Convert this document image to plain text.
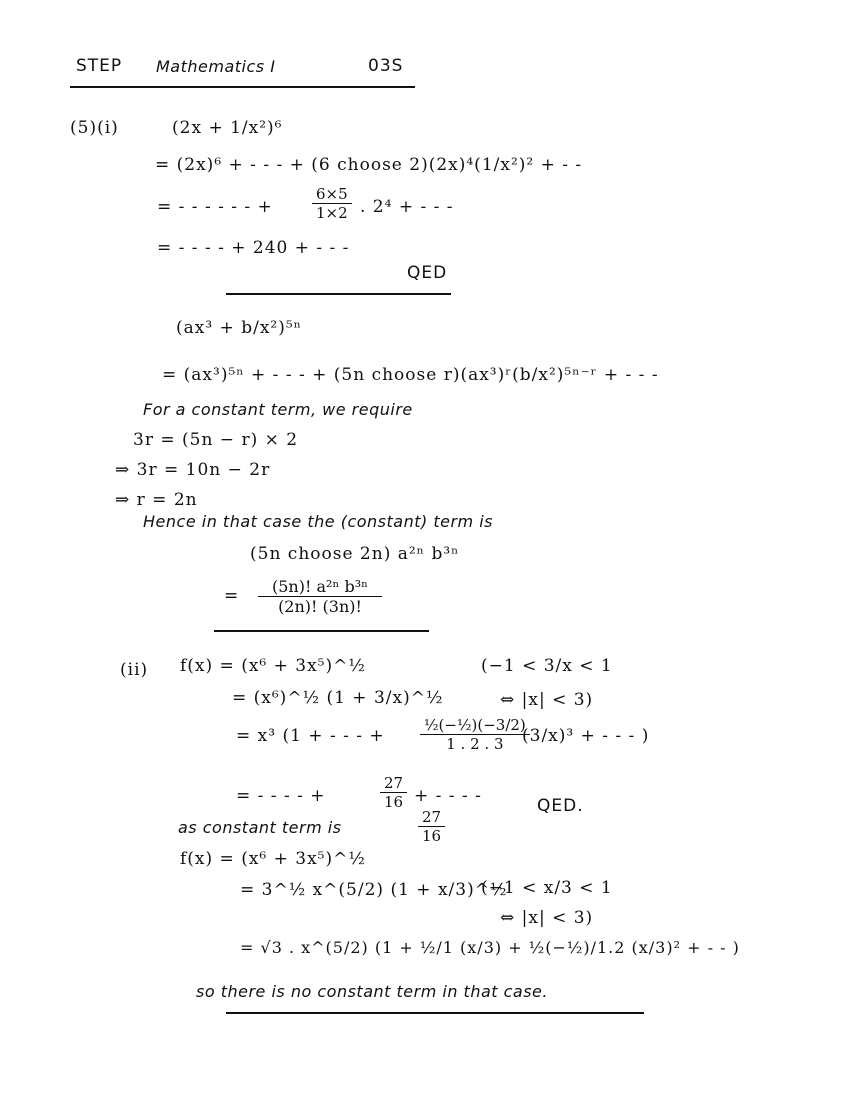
STEP Mathematics I	03S
(5)(i)	(2x + 1/x²)⁶
= (2x)⁶ + - - - + (6 choose 2)(2x)⁴(1/x²)² + - -
= - - - - - - +	$\frac{6\times 5}{1\times 2}$ . 2⁴ + - - -
= - - - - + 240 + - - -
QED
(ax³ + b/x²)⁵ⁿ
= (ax³)⁵ⁿ + - - - + (5n choose r)(ax³)ʳ(b/x²)⁵ⁿ⁻ʳ + - - -
For a constant term, we require
3r = (5n − r) × 2
⇒ 3r = 10n − 2r
⇒ r = 2n
Hence in that case the (constant) term is
(5n choose 2n) a²ⁿ b³ⁿ
= $\frac{\text{(5n)! a²ⁿ b³ⁿ}}{(2n)! (3n)!}$
(ii) f(x) = (x⁶ + 3x⁵)^½	(−1 < 3/x < 1
= (x⁶)^½ (1 + 3/x)^½	⇔ |x| < 3)
= x³ (1 + - - - + $\frac{\text{½(−½)(−3/2)}}{1 . 2 . 3}$
(3/x)³ + - - - )
= - - - - +	$\frac{27}{16}$ + - - - -	QED.
as constant term is	$\frac{27}{16}$
f(x) = (x⁶ + 3x⁵)^½
= 3^½ x^(5/2) (1 + x/3)^½
(−1 < x/3 < 1
⇔ |x| < 3)
= √3 . x^(5/2) (1 + ½/1 (x/3) + ½(−½)/1.2 (x/3)² + - - )
so there is no constant term in that case.
